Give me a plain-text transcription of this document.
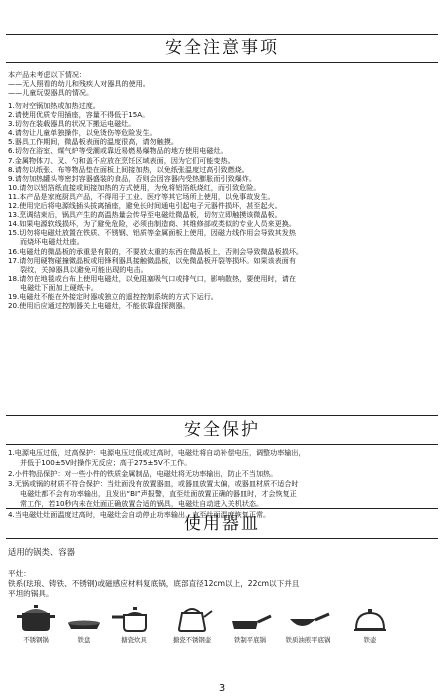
安全注意事项
本产品未考虑以下情况：
——无人照看的幼儿和残疾人对器具的使用。
——儿童玩耍器具的情况。
1.勿对空锅加热或加热过度。
2.请使用优质专用插座，容量不得低于15A。
3.切勿在装载器具的状况下搬运电磁灶。
4.请勿让儿童单独操作，以免烫伤等危险发生。
5.器具工作期间，微晶板表面的温度很高，请勿触摸。
6.切勿在浴室、煤气炉等受潮或靠近易燃易爆物品的地方使用电磁灶。
7.金属物体刀、叉、勺和盖不应放在烹饪区域表面，因为它们可能变热。
8.请勿以纸张、布等物品垫在面板上间接加热，以免纸张温度过高引致燃烧。
9.请勿加热罐头等密封容器盛装的食品，否则会因容器内受热膨胀而引致爆炸。
10.请勿以铝箔纸直接或间接加热的方式使用，为免将铝箔纸烧红，而引致危险。
11.本产品是家庭厨具产品，不得用于工业、医疗等其它场所上使用，以免事故发生。
12.使用完后将电源线插头拔离插座，避免长时间通电引起电子元器件损坏，甚至起火。
13.烹调结束后，锅具产生的高温热量会传导至电磁灶微晶板，切勿立即触摸该微晶板。
14.如果电源软线损坏，为了避免危险，必须由制造商、其维修部或类似的专业人员来更换。
15.切勿将电磁灶放置在铁质、不锈钢、铝质等金属面板上使用，因磁力线作用会导致其发热
而烧坏电磁灶灶座。
16.电磁灶的微晶板的承重是有限的，不要放太重的东西在微晶板上，否则会导致微晶板损坏。
17.请勿用硬物碰撞微晶板或用锋利器具接触微晶板，以免微晶板开裂等损坏。如果该表面有
裂纹，关掉器具以避免可能出现的电击。
18.请勿在地毯或台布上使用电磁灶，以免阻塞吸气口或排气口，影响散热，要使用时，请在
电磁灶下面加上硬纸卡。
19.电磁灶不能在外接定时器或独立的遥控控制系统的方式下运行。
20.使用后应通过控制器关上电磁灶，不能依靠盘探测器。
安全保护
1.电源电压过低，过高保护：电源电压过低或过高时，电磁灶将自动补偿电压，调整功率输出，
并低于100±5V时操作无反应；高于275±5V不工作。
2.小件物品保护：对一些小件的铁质金属制品，电磁灶将无功率输出，防止不当加热。
3.无锅或锅的材质不符合保护：当灶面没有放置器皿，或器皿放置太偏，或器皿材质不适合时
电磁灶都不会有功率输出，且发出“BI”声报警，直至灶面放置正确的器皿时，才会恢复正
常工作，若10秒内未在灶面正确放置合适的锅具，电磁灶自动进入关机状态。
4.当电磁灶灶面温度过高时，电磁灶会自动停止功率输出，直至灶面温度恢复正常。
使用器皿
适用的锅类、容器
平灶：
铁系(珐琅、铸铁、不锈钢)或磁感应材料复底锅，底部直径12cm以上，22cm以下并且
平坦的锅具。
不锈钢锅	铁盘	搪瓷炊具	搪瓷不锈钢壶	铁制平底锅	铁质油煎平底锅	铁壶
3
